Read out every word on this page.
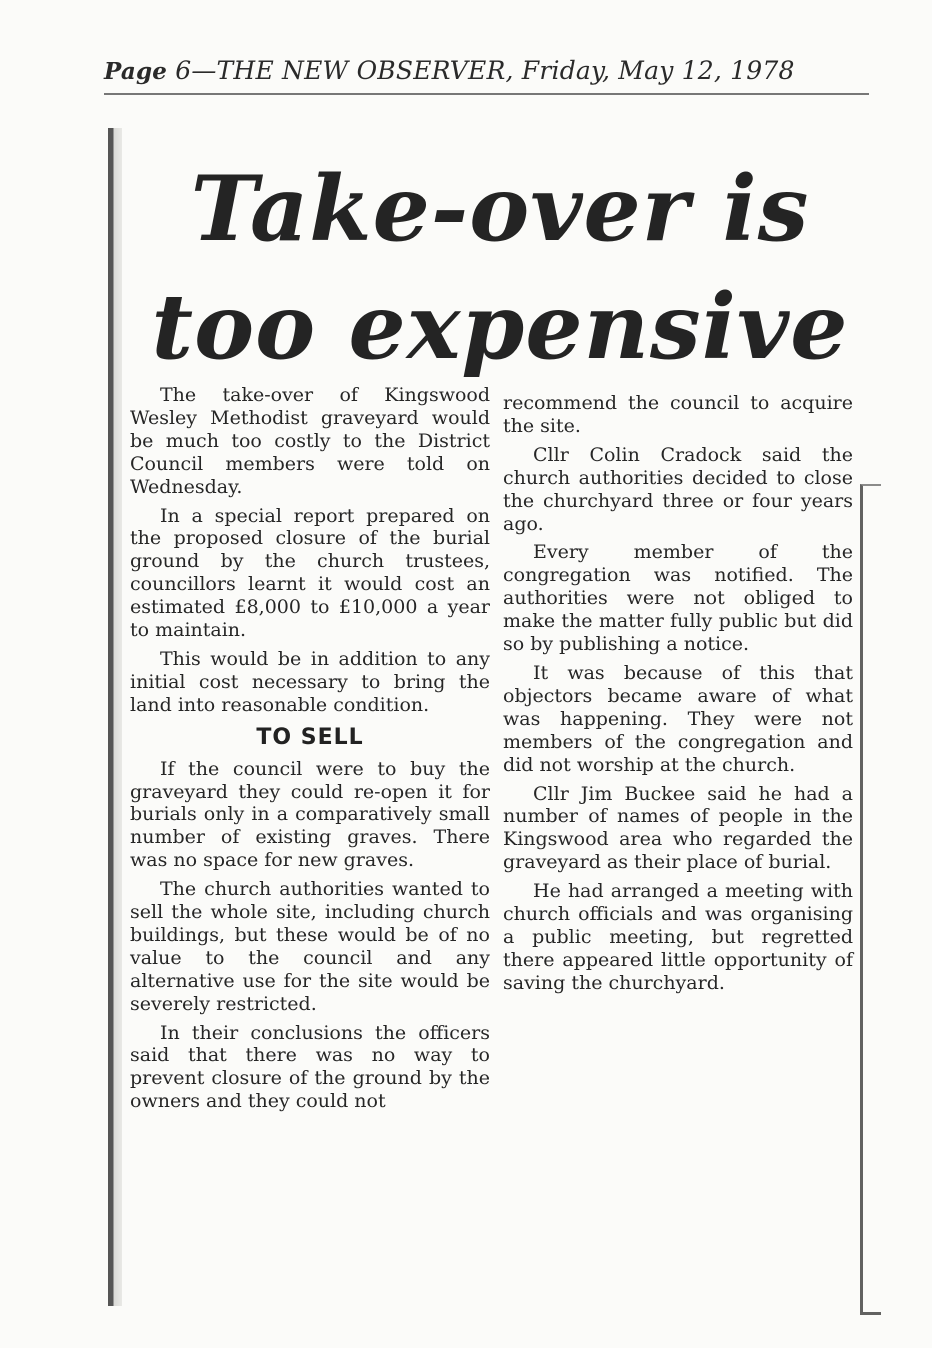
Page 6—THE NEW OBSERVER, Friday, May 12, 1978
Take-over is
too expensive

The take-over of Kingswood Wesley Methodist graveyard would be much too costly to the District Council members were told on Wednesday.

In a special report prepared on the proposed closure of the burial ground by the church trustees, councillors learnt it would cost an estimated £8,000 to £10,000 a year to maintain.

This would be in addition to any initial cost necessary to bring the land into reasonable condition.

TO SELL

If the council were to buy the graveyard they could re-open it for burials only in a comparatively small number of existing graves. There was no space for new graves.

The church authorities wanted to sell the whole site, including church buildings, but these would be of no value to the council and any alternative use for the site would be severely restricted.

In their conclusions the officers said that there was no way to prevent closure of the ground by the owners and they could not

recommend the council to acquire the site.

Cllr Colin Cradock said the church authorities decided to close the churchyard three or four years ago.

Every member of the congregation was notified. The authorities were not obliged to make the matter fully public but did so by publishing a notice.

It was because of this that objectors became aware of what was happening. They were not members of the congregation and did not worship at the church.

Cllr Jim Buckee said he had a number of names of people in the Kingswood area who regarded the graveyard as their place of burial.

He had arranged a meeting with church officials and was organising a public meeting, but regretted there appeared little opportunity of saving the churchyard.
